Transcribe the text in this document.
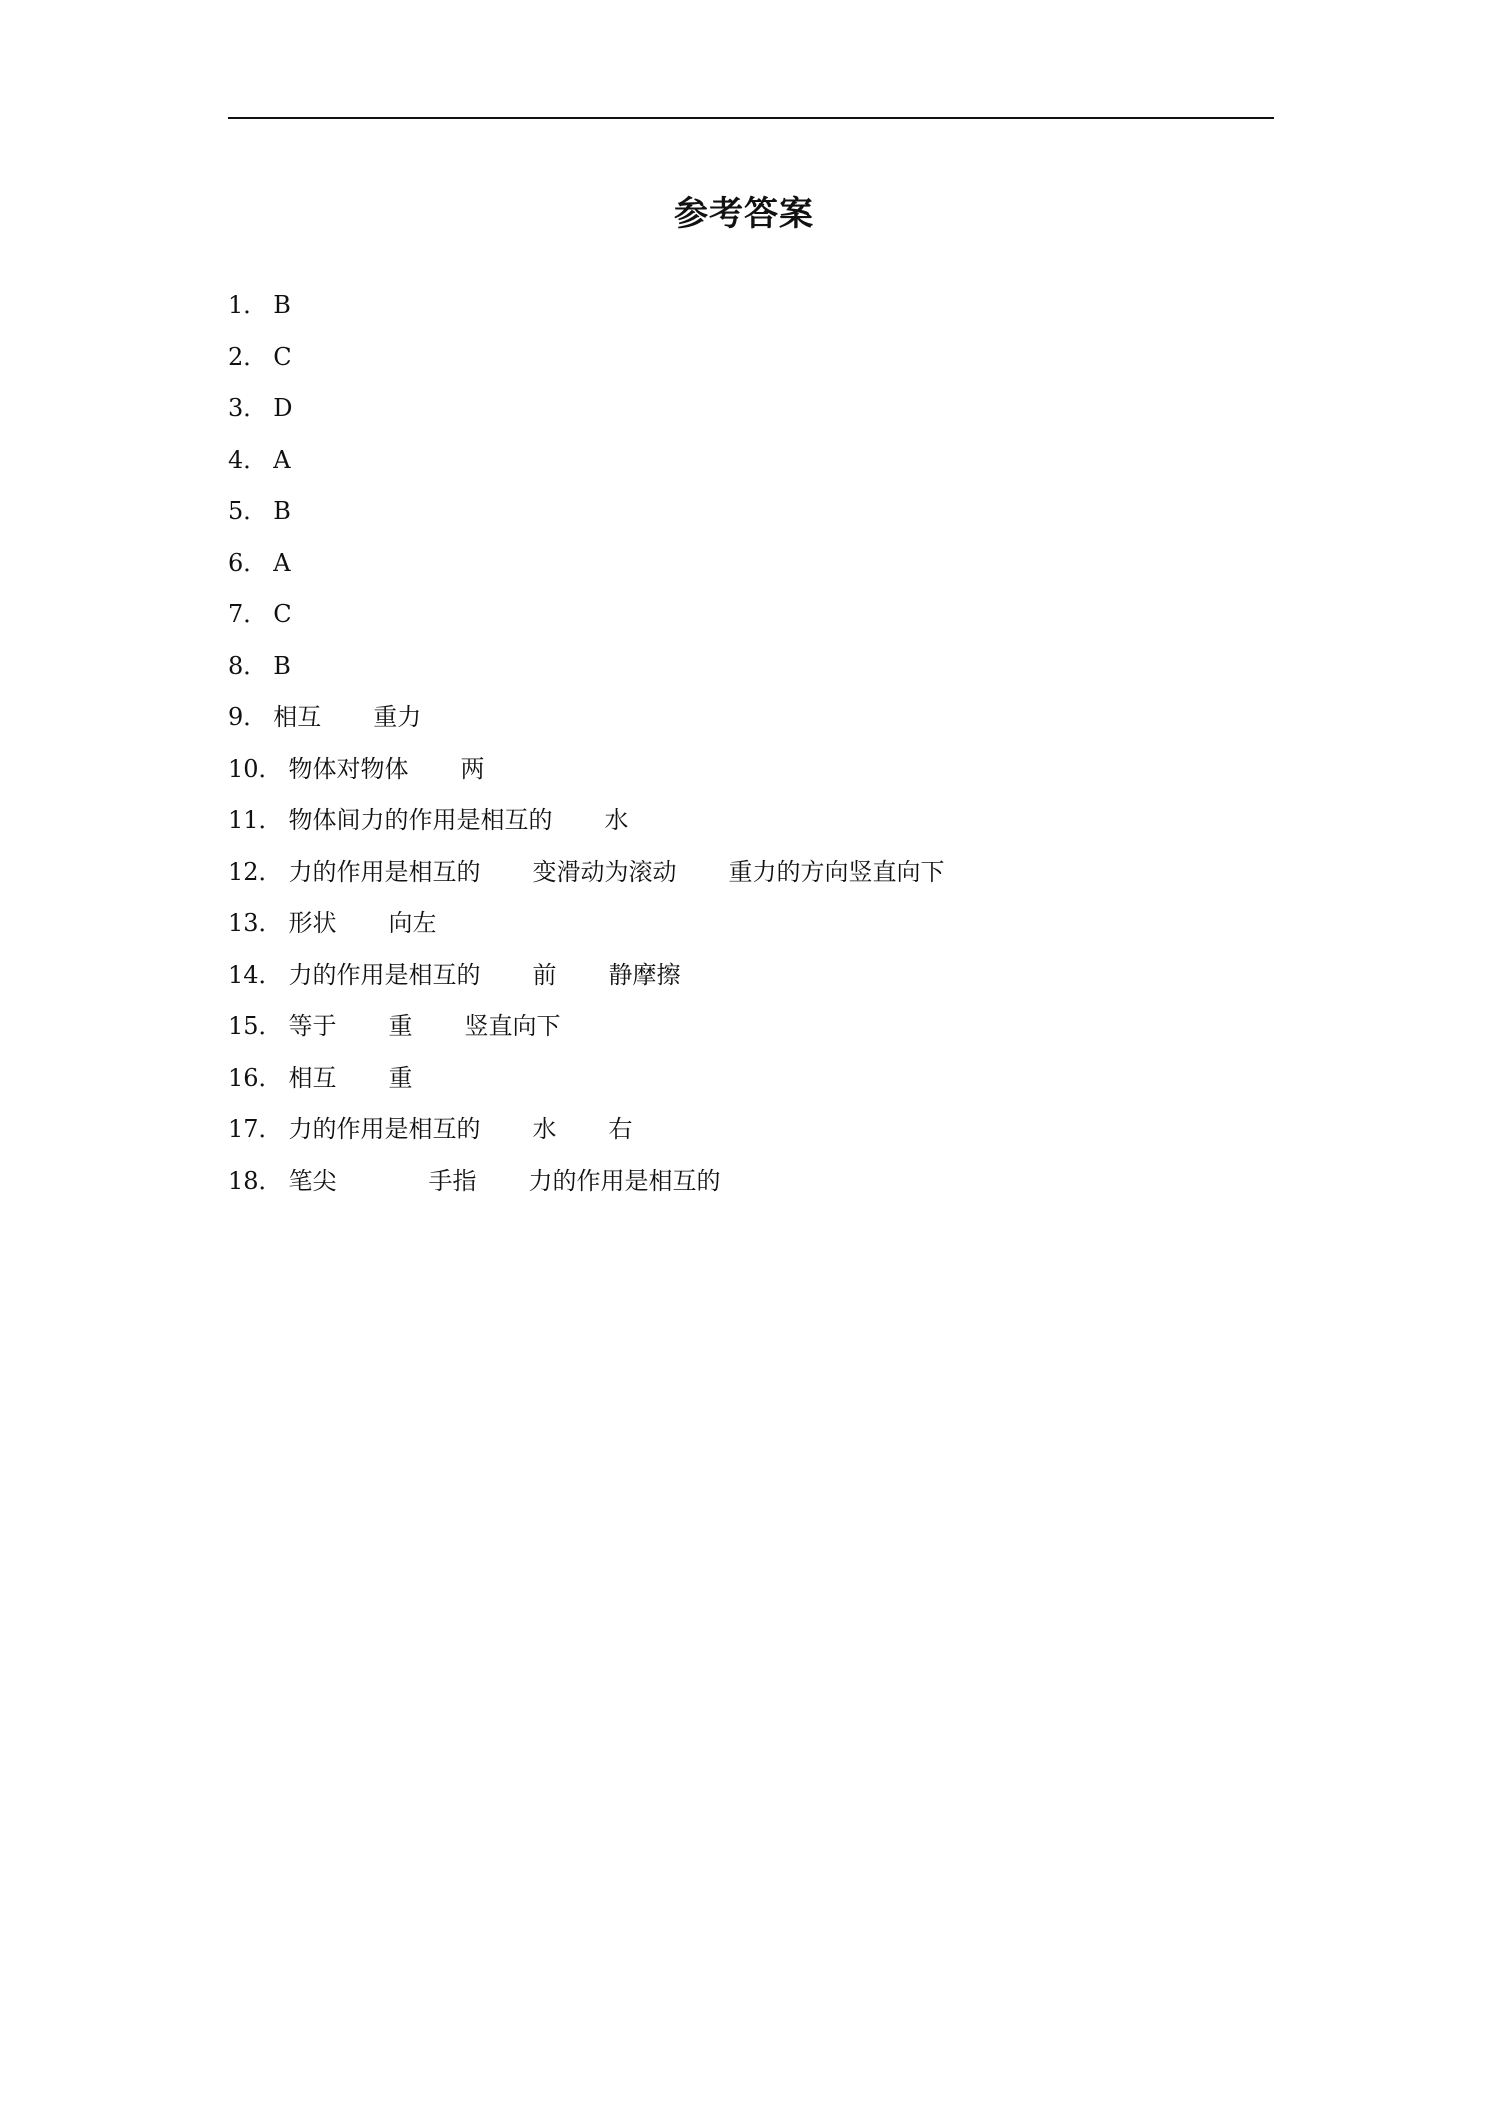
参考答案
1 ． B
2 ． C
3 ． D
4 ． A
5 ． B
6 ． A
7 ． C
8 ． B
9 ． 相互 重力
10 ． 物体对物体 两
11 ． 物体间力的作用是相互的 水
12 ． 力的作用是相互的 变滑动为滚动 重力的方向竖直向下
13 ． 形状 向左
14 ． 力的作用是相互的 前 静摩擦
15 ． 等于 重 竖直向下
16 ． 相互 重
17 ． 力的作用是相互的 水 右
18 ． 笔尖	手指 力的作用是相互的
